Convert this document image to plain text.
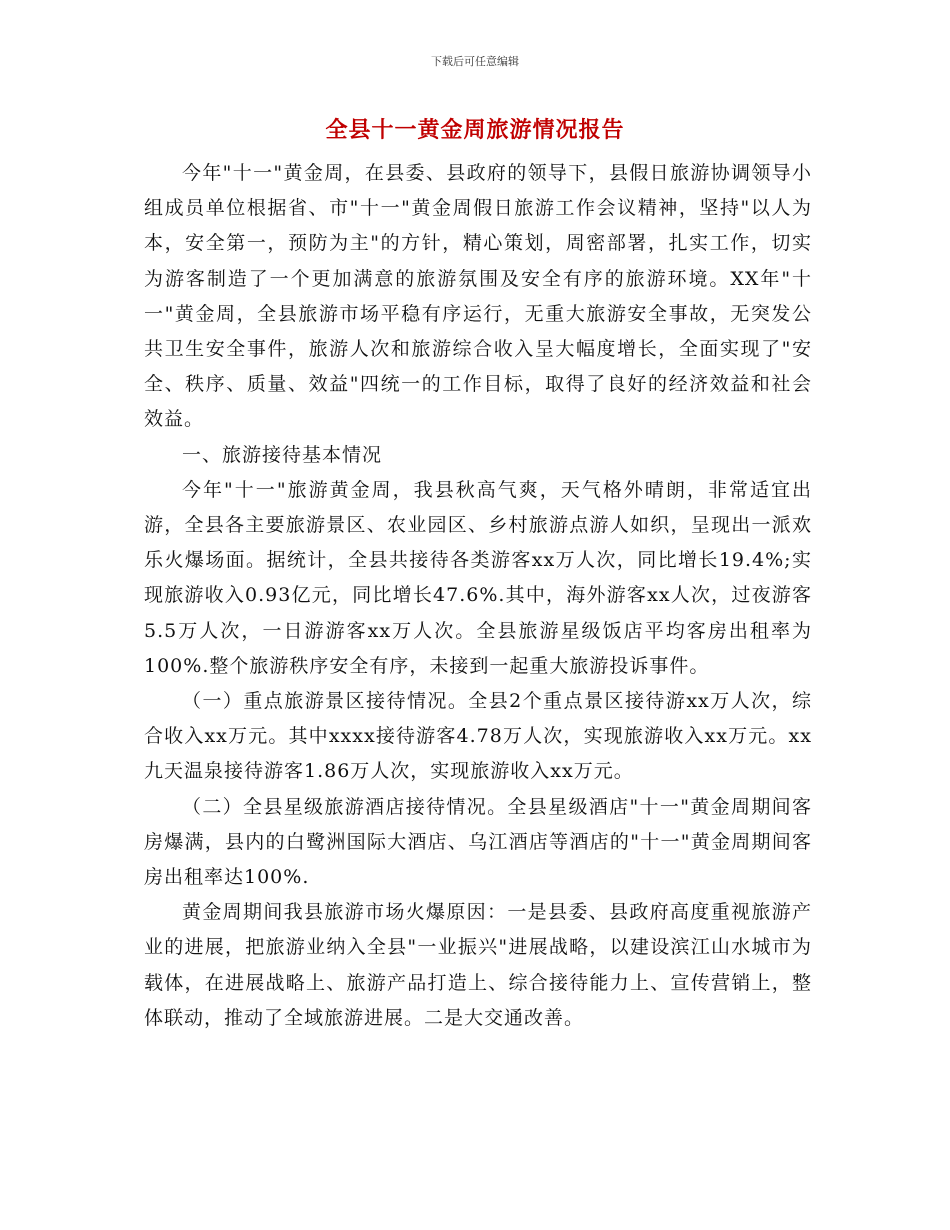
下载后可任意编辑
全县十一黄金周旅游情况报告

今年"十一"黄金周，在县委、县政府的领导下，县假日旅游协调领导小组成员单位根据省、市"十一"黄金周假日旅游工作会议精神，坚持"以人为本，安全第一，预防为主"的方针，精心策划，周密部署，扎实工作，切实为游客制造了一个更加满意的旅游氛围及安全有序的旅游环境。XX年"十一"黄金周，全县旅游市场平稳有序运行，无重大旅游安全事故，无突发公共卫生安全事件，旅游人次和旅游综合收入呈大幅度增长，全面实现了"安全、秩序、质量、效益"四统一的工作目标，取得了良好的经济效益和社会效益。

一、旅游接待基本情况

今年"十一"旅游黄金周，我县秋高气爽，天气格外晴朗，非常适宜出游，全县各主要旅游景区、农业园区、乡村旅游点游人如织，呈现出一派欢乐火爆场面。据统计，全县共接待各类游客xx万人次，同比增长19.4%;实现旅游收入0.93亿元，同比增长47.6%.其中，海外游客xx人次，过夜游客5.5万人次，一日游游客xx万人次。全县旅游星级饭店平均客房出租率为100%.整个旅游秩序安全有序，未接到一起重大旅游投诉事件。

（一）重点旅游景区接待情况。全县2个重点景区接待游xx万人次，综合收入xx万元。其中xxxx接待游客4.78万人次，实现旅游收入xx万元。xx九天温泉接待游客1.86万人次，实现旅游收入xx万元。

（二）全县星级旅游酒店接待情况。全县星级酒店"十一"黄金周期间客房爆满，县内的白鹭洲国际大酒店、乌江酒店等酒店的"十一"黄金周期间客房出租率达100%.

黄金周期间我县旅游市场火爆原因：一是县委、县政府高度重视旅游产业的进展，把旅游业纳入全县"一业振兴"进展战略，以建设滨江山水城市为载体，在进展战略上、旅游产品打造上、综合接待能力上、宣传营销上，整体联动，推动了全域旅游进展。二是大交通改善。
